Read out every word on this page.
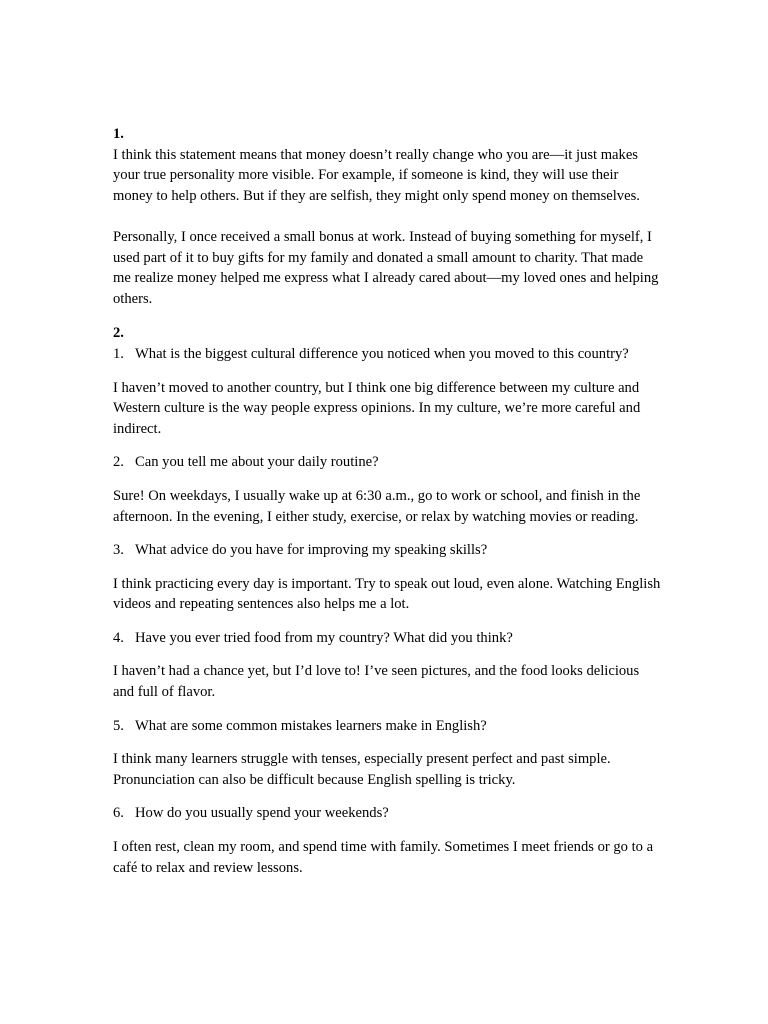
1.

I think this statement means that money doesn’t really change who you are—it just makes your true personality more visible. For example, if someone is kind, they will use their money to help others. But if they are selfish, they might only spend money on themselves.

Personally, I once received a small bonus at work. Instead of buying something for myself, I used part of it to buy gifts for my family and donated a small amount to charity. That made me realize money helped me express what I already cared about—my loved ones and helping others.

2.

1. What is the biggest cultural difference you noticed when you moved to this country?

I haven’t moved to another country, but I think one big difference between my culture and Western culture is the way people express opinions. In my culture, we’re more careful and indirect.

2. Can you tell me about your daily routine?

Sure! On weekdays, I usually wake up at 6:30 a.m., go to work or school, and finish in the afternoon. In the evening, I either study, exercise, or relax by watching movies or reading.

3. What advice do you have for improving my speaking skills?

I think practicing every day is important. Try to speak out loud, even alone. Watching English videos and repeating sentences also helps me a lot.

4. Have you ever tried food from my country? What did you think?

I haven’t had a chance yet, but I’d love to! I’ve seen pictures, and the food looks delicious and full of flavor.

5. What are some common mistakes learners make in English?

I think many learners struggle with tenses, especially present perfect and past simple. Pronunciation can also be difficult because English spelling is tricky.

6. How do you usually spend your weekends?

I often rest, clean my room, and spend time with family. Sometimes I meet friends or go to a café to relax and review lessons.
